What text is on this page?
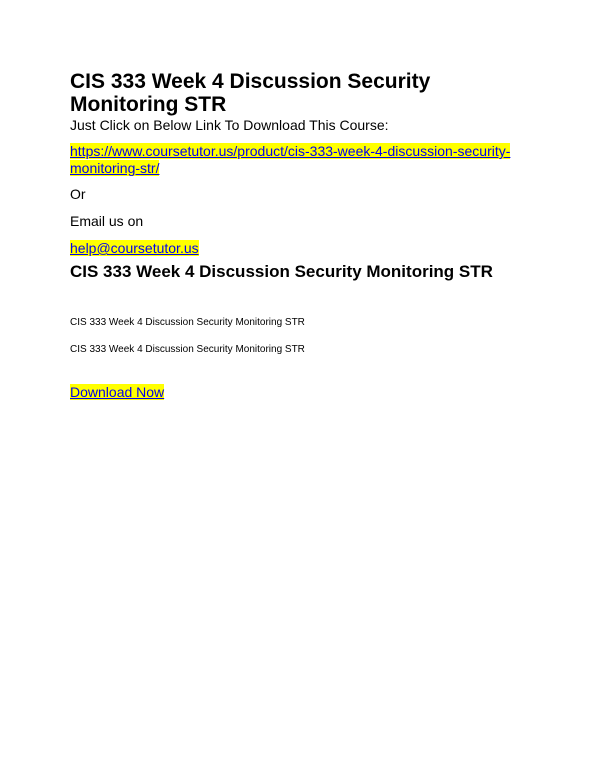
CIS 333 Week 4 Discussion Security Monitoring STR
Just Click on Below Link To Download This Course:
https://www.coursetutor.us/product/cis-333-week-4-discussion-security-
monitoring-str/
Or
Email us on
help@coursetutor.us
CIS 333 Week 4 Discussion Security Monitoring STR
CIS 333 Week 4 Discussion Security Monitoring STR
CIS 333 Week 4 Discussion Security Monitoring STR
Download Now
